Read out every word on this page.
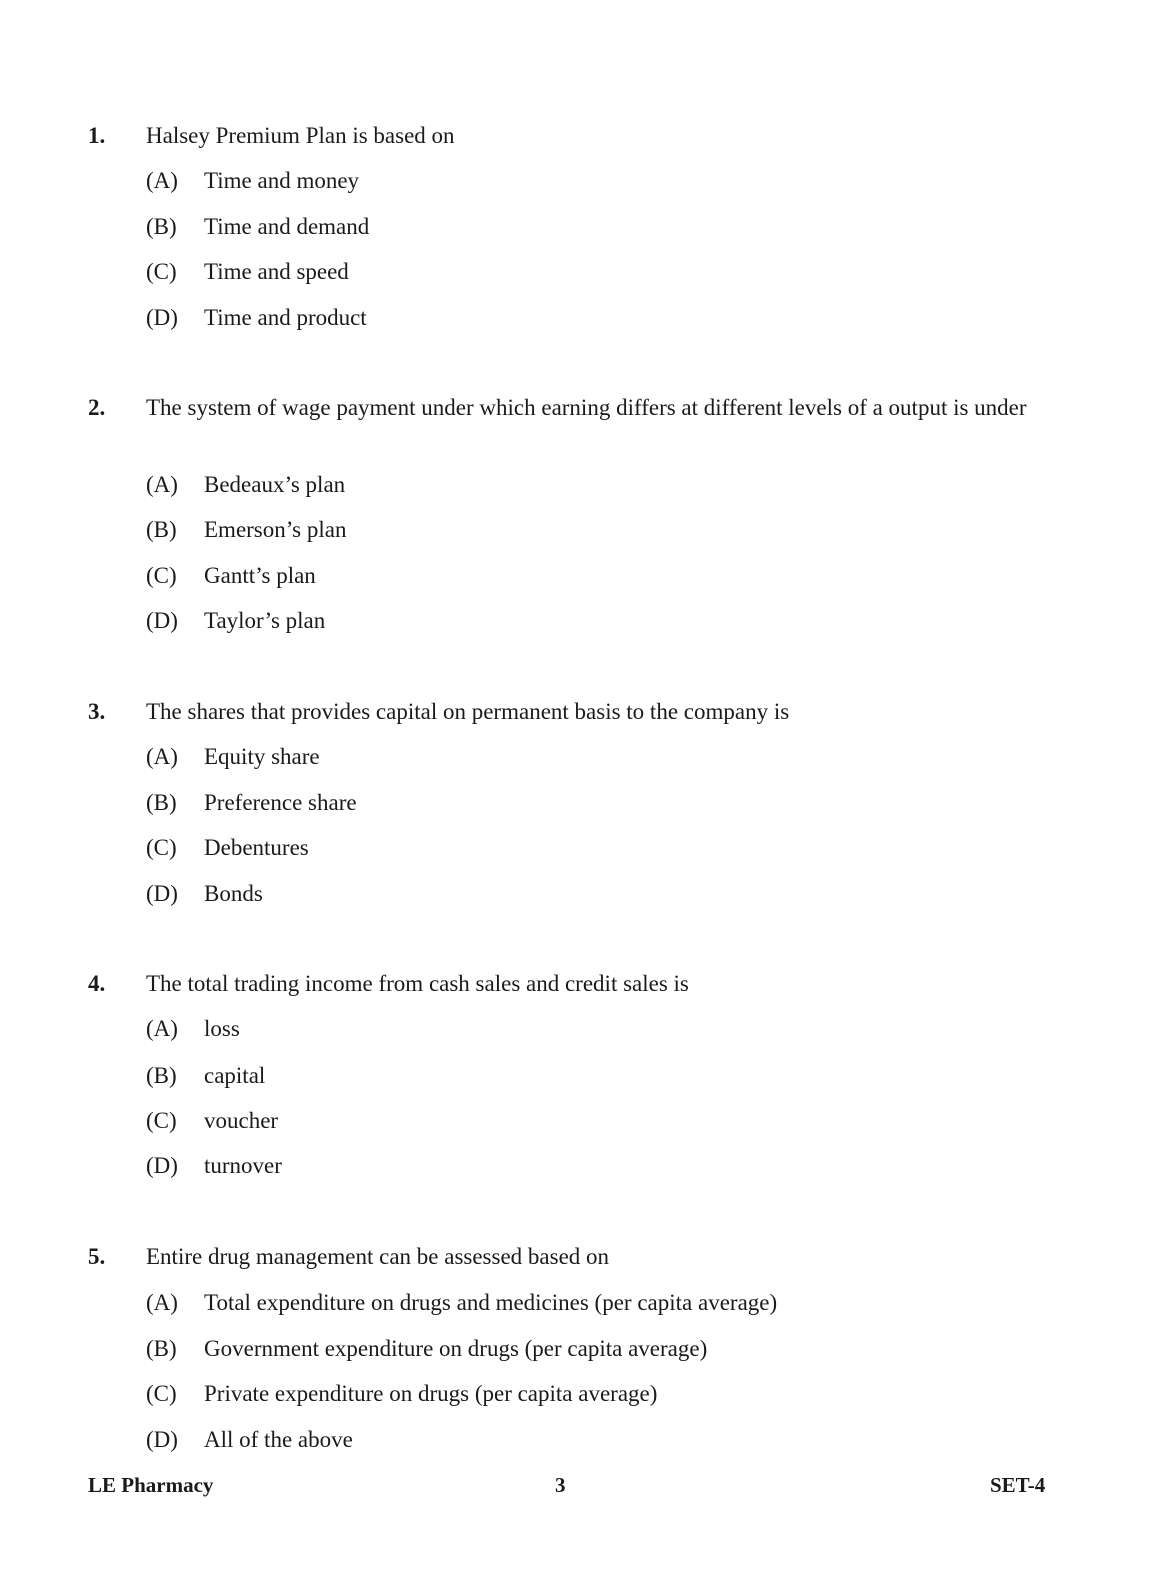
1. Halsey Premium Plan is based on
(A) Time and money
(B) Time and demand
(C) Time and speed
(D) Time and product
2. The system of wage payment under which earning differs at different levels of a output is under
(A) Bedeaux’s plan
(B) Emerson’s plan
(C) Gantt’s plan
(D) Taylor’s plan
3. The shares that provides capital on permanent basis to the company is
(A) Equity share
(B) Preference share
(C) Debentures
(D) Bonds
4. The total trading income from cash sales and credit sales is
(A) loss
(B) capital
(C) voucher
(D) turnover
5. Entire drug management can be assessed based on
(A) Total expenditure on drugs and medicines (per capita average)
(B) Government expenditure on drugs (per capita average)
(C) Private expenditure on drugs (per capita average)
(D) All of the above
LE Pharmacy	3	SET-4
